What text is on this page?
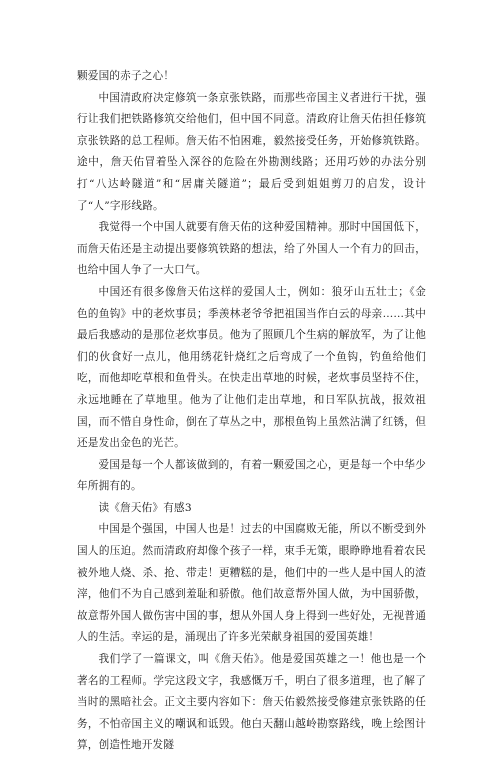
颗爱国的赤子之心！

中国清政府决定修筑一条京张铁路，而那些帝国主义者进行干扰，强行让我们把铁路修筑交给他们，但中国不同意。清政府让詹天佑担任修筑京张铁路的总工程师。詹天佑不怕困难，毅然接受任务，开始修筑铁路。途中，詹天佑冒着坠入深谷的危险在外勘测线路；还用巧妙的办法分别打“八达岭隧道”和“居庸关隧道”；最后受到姐姐剪刀的启发，设计了“人”字形线路。

我觉得一个中国人就要有詹天佑的这种爱国精神。那时中国国低下，而詹天佑还是主动提出要修筑铁路的想法，给了外国人一个有力的回击，也给中国人争了一大口气。

中国还有很多像詹天佑这样的爱国人士，例如：狼牙山五壮士；《金色的鱼钩》中的老炊事员；季羡林老爷爷把祖国当作白云的母亲……其中最后我感动的是那位老炊事员。他为了照顾几个生病的解放军，为了让他们的伙食好一点儿，他用绣花针烧红之后弯成了一个鱼钩，钓鱼给他们吃，而他却吃草根和鱼骨头。在快走出草地的时候，老炊事员坚持不住，永远地睡在了草地里。他为了让他们走出草地，和日军队抗战，报效祖国，而不惜自身性命，倒在了草丛之中，那根鱼钩上虽然沾满了红锈，但还是发出金色的光芒。

爱国是每一个人都该做到的，有着一颗爱国之心，更是每一个中华少年所拥有的。

读《詹天佑》有感3

中国是个强国，中国人也是！过去的中国腐败无能，所以不断受到外国人的压迫。然而清政府却像个孩子一样，束手无策，眼睁睁地看着农民被外地人烧、杀、抢、带走！更糟糕的是，他们中的一些人是中国人的渣滓，他们不为自己感到羞耻和骄傲。他们故意帮外国人做，为中国骄傲，故意帮外国人做伤害中国的事，想从外国人身上得到一些好处，无视普通人的生活。幸运的是，涌现出了许多光荣献身祖国的爱国英雄！

我们学了一篇课文，叫《詹天佑》。他是爱国英雄之一！他也是一个著名的工程师。学完这段文字，我感慨万千，明白了很多道理，也了解了当时的黑暗社会。正文主要内容如下：詹天佑毅然接受修建京张铁路的任务，不怕帝国主义的嘲讽和诋毁。他白天翻山越岭勘察路线，晚上绘图计算，创造性地开发隧
